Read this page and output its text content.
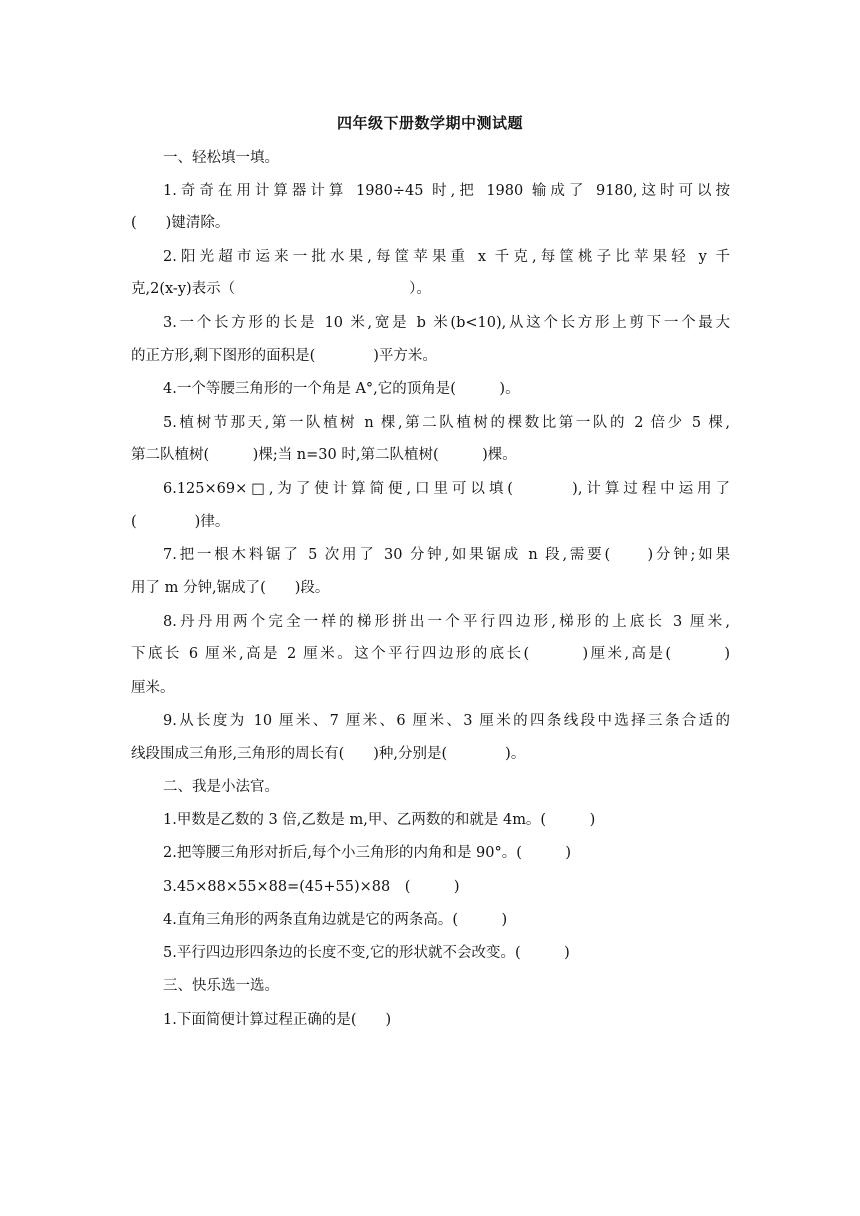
四年级下册数学期中测试题
一、轻松填一填。
1.奇奇在用计算器计算 1980÷45 时,把 1980 输成了 9180,这时可以按
(　　)键清除。
2.阳光超市运来一批水果,每筐苹果重 x 千克,每筐桃子比苹果轻 y 千
克,2(x-y)表示（　　　　　　　　　　　　）。
3.一个长方形的长是 10 米,宽是 b 米(b<10),从这个长方形上剪下一个最大
的正方形,剩下图形的面积是(　　　　)平方米。
4.一个等腰三角形的一个角是 A°,它的顶角是(　　　)。
5.植树节那天,第一队植树 n 棵,第二队植树的棵数比第一队的 2 倍少 5 棵,
第二队植树(　　　)棵;当 n=30 时,第二队植树(　　　)棵。
6.125×69×□,为了使计算简便,口里可以填(　　　),计算过程中运用了
(　　　　)律。
7.把一根木料锯了 5 次用了 30 分钟,如果锯成 n 段,需要(　　)分钟;如果
用了 m 分钟,锯成了(　　)段。
8.丹丹用两个完全一样的梯形拼出一个平行四边形,梯形的上底长 3 厘米,
下底长 6 厘米,高是 2 厘米。这个平行四边形的底长(　　　)厘米,高是(　　　)
厘米。
9.从长度为 10 厘米、7 厘米、6 厘米、3 厘米的四条线段中选择三条合适的
线段围成三角形,三角形的周长有(　　)种,分别是(　　　　)。
二、我是小法官。
1.甲数是乙数的 3 倍,乙数是 m,甲、乙两数的和就是 4m。(　　　)
2.把等腰三角形对折后,每个小三角形的内角和是 90°。(　　　)
3.45×88×55×88=(45+55)×88　(　　　)
4.直角三角形的两条直角边就是它的两条高。(　　　)
5.平行四边形四条边的长度不变,它的形状就不会改变。(　　　)
三、快乐选一选。
1.下面简便计算过程正确的是(　　)
